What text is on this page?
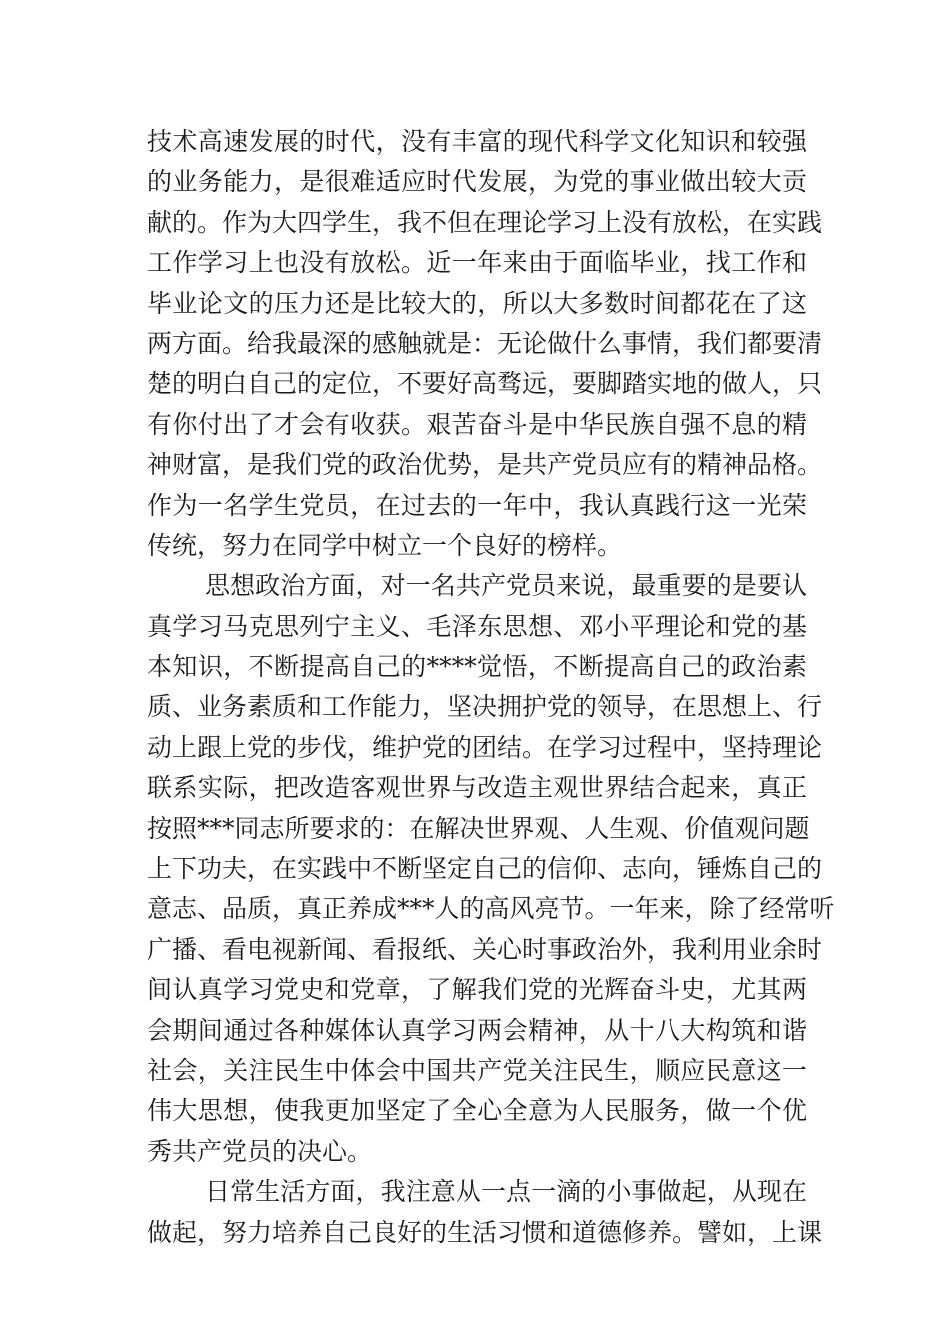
技术高速发展的时代，没有丰富的现代科学文化知识和较强
的业务能力，是很难适应时代发展，为党的事业做出较大贡
献的。作为大四学生，我不但在理论学习上没有放松，在实践
工作学习上也没有放松。近一年来由于面临毕业，找工作和
毕业论文的压力还是比较大的，所以大多数时间都花在了这
两方面。给我最深的感触就是：无论做什么事情，我们都要清
楚的明白自己的定位，不要好高骛远，要脚踏实地的做人，只
有你付出了才会有收获。艰苦奋斗是中华民族自强不息的精
神财富，是我们党的政治优势，是共产党员应有的精神品格。
作为一名学生党员，在过去的一年中，我认真践行这一光荣
传统，努力在同学中树立一个良好的榜样。
思想政治方面，对一名共产党员来说，最重要的是要认
真学习马克思列宁主义、毛泽东思想、邓小平理论和党的基
本知识，不断提高自己的****觉悟，不断提高自己的政治素
质、业务素质和工作能力，坚决拥护党的领导，在思想上、行
动上跟上党的步伐，维护党的团结。在学习过程中，坚持理论
联系实际，把改造客观世界与改造主观世界结合起来，真正
按照***同志所要求的：在解决世界观、人生观、价值观问题
上下功夫，在实践中不断坚定自己的信仰、志向，锤炼自己的
意志、品质，真正养成***人的高风亮节。一年来，除了经常听
广播、看电视新闻、看报纸、关心时事政治外，我利用业余时
间认真学习党史和党章，了解我们党的光辉奋斗史，尤其两
会期间通过各种媒体认真学习两会精神，从十八大构筑和谐
社会，关注民生中体会中国共产党关注民生，顺应民意这一
伟大思想，使我更加坚定了全心全意为人民服务，做一个优
秀共产党员的决心。
日常生活方面，我注意从一点一滴的小事做起，从现在
做起，努力培养自己良好的生活习惯和道德修养。譬如，上课
